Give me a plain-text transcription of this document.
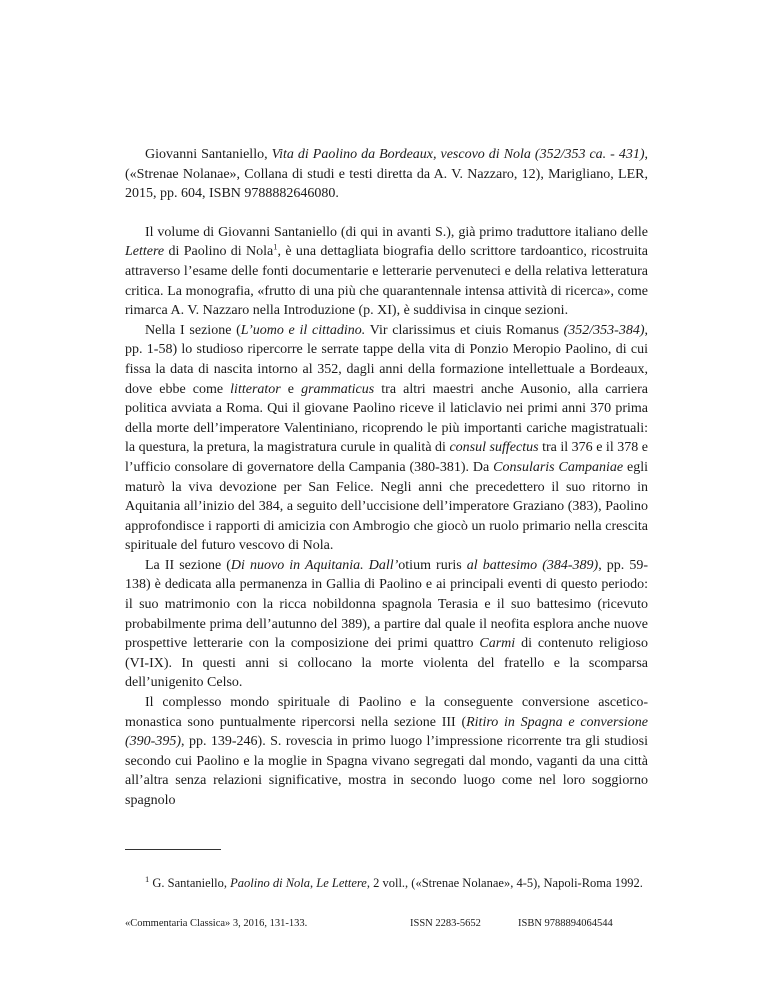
Giovanni Santaniello, Vita di Paolino da Bordeaux, vescovo di Nola (352/353 ca. - 431), («Strenae Nolanae», Collana di studi e testi diretta da A. V. Nazzaro, 12), Marigliano, LER, 2015, pp. 604, ISBN 9788882646080.

Il volume di Giovanni Santaniello (di qui in avanti S.), già primo traduttore italiano delle Lettere di Paolino di Nola$^1$, è una dettagliata biografia dello scrittore tardoantico, ricostruita attraverso l’esame delle fonti documentarie e letterarie pervenuteci e della relativa letteratura critica. La monografia, «frutto di una più che quarantennale intensa attività di ricerca», come rimarca A. V. Nazzaro nella Introduzione (p. XI), è suddivisa in cinque sezioni.

Nella I sezione (L’uomo e il cittadino. Vir clarissimus et ciuis Romanus (352/353-384), pp. 1-58) lo studioso ripercorre le serrate tappe della vita di Ponzio Meropio Paolino, di cui fissa la data di nascita intorno al 352, dagli anni della formazione intellettuale a Bordeaux, dove ebbe come litterator e grammaticus tra altri maestri anche Ausonio, alla carriera politica avviata a Roma. Qui il giovane Paolino riceve il laticlavio nei primi anni 370 prima della morte dell’imperatore Valentiniano, ricoprendo le più importanti cariche magistratuali: la questura, la pretura, la magistratura curule in qualità di consul suffectus tra il 376 e il 378 e l’ufficio consolare di governatore della Campania (380-381). Da Consularis Campaniae egli maturò la viva devozione per San Felice. Negli anni che precedettero il suo ritorno in Aquitania all’inizio del 384, a seguito dell’uccisione dell’imperatore Graziano (383), Paolino approfondisce i rapporti di amicizia con Ambrogio che giocò un ruolo primario nella crescita spirituale del futuro vescovo di Nola.

La II sezione (Di nuovo in Aquitania. Dall’otium ruris al battesimo (384-389), pp. 59-138) è dedicata alla permanenza in Gallia di Paolino e ai principali eventi di questo periodo: il suo matrimonio con la ricca nobildonna spagnola Terasia e il suo battesimo (ricevuto probabilmente prima dell’autunno del 389), a partire dal quale il neofita esplora anche nuove prospettive letterarie con la composizione dei primi quattro Carmi di contenuto religioso (VI-IX). In questi anni si collocano la morte violenta del fratello e la scomparsa dell’unigenito Celso.

Il complesso mondo spirituale di Paolino e la conseguente conversione ascetico-monastica sono puntualmente ripercorsi nella sezione III (Ritiro in Spagna e conversione (390-395), pp. 139-246). S. rovescia in primo luogo l’impressione ricorrente tra gli studiosi secondo cui Paolino e la moglie in Spagna vivano segregati dal mondo, vaganti da una città all’altra senza relazioni significative, mostra in secondo luogo come nel loro soggiorno spagnolo

$^1$ G. Santaniello, Paolino di Nola, Le Lettere, 2 voll., («Strenae Nolanae», 4-5), Napoli-Roma 1992.

«Commentaria Classica» 3, 2016, 131-133.	ISSN 2283-5652	ISBN 9788894064544
